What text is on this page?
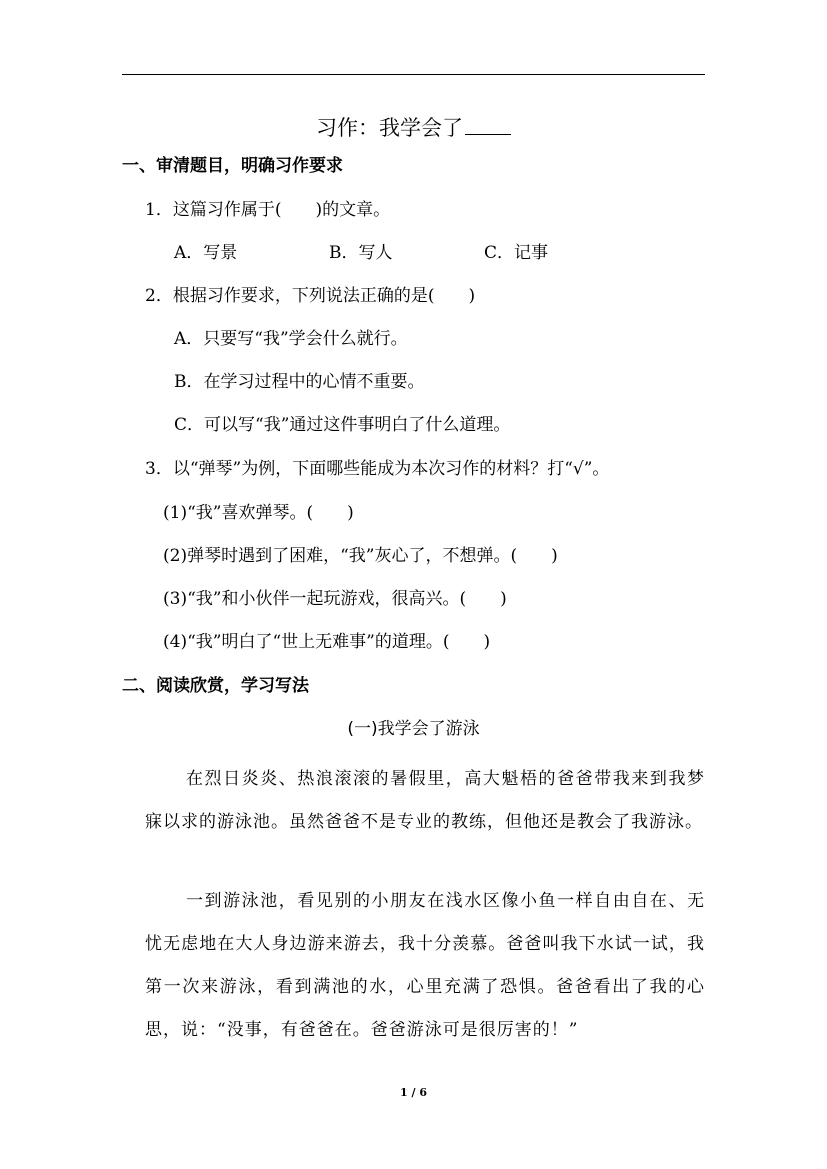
习作：我学会了
一、审清题目，明确习作要求
1．这篇习作属于(　　)的文章。
A．写景	B．写人	C．记事
2．根据习作要求，下列说法正确的是(　　)
A．只要写“我”学会什么就行。
B．在学习过程中的心情不重要。
C．可以写“我”通过这件事明白了什么道理。
3．以“弹琴”为例，下面哪些能成为本次习作的材料？打“√”。
(1)“我”喜欢弹琴。(　　)
(2)弹琴时遇到了困难，“我”灰心了，不想弹。(　　)
(3)“我”和小伙伴一起玩游戏，很高兴。(　　)
(4)“我”明白了“世上无难事”的道理。(　　)
二、阅读欣赏，学习写法
(一)我学会了游泳
在烈日炎炎、热浪滚滚的暑假里，高大魁梧的爸爸带我来到我梦寐以求的游泳池。虽然爸爸不是专业的教练，但他还是教会了我游泳。
一到游泳池，看见别的小朋友在浅水区像小鱼一样自由自在、无忧无虑地在大人身边游来游去，我十分羡慕。爸爸叫我下水试一试，我第一次来游泳，看到满池的水，心里充满了恐惧。爸爸看出了我的心思，说：“没事，有爸爸在。爸爸游泳可是很厉害的！”
1 / 6
